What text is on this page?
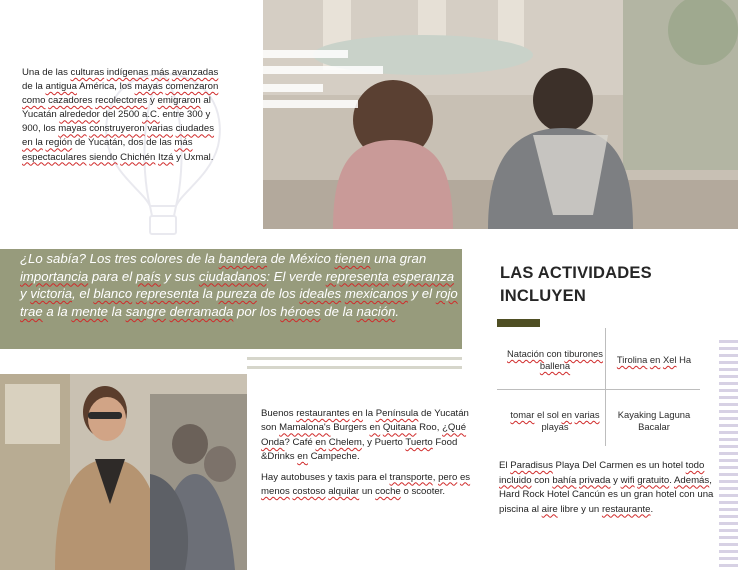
Una de las culturas indígenas más avanzadas de la antigua América, los mayas comenzaron como cazadores recolectores y emigraron al Yucatán alrededor del 2500 a.C. entre 300 y 900, los mayas construyeron varias ciudades en la región de Yucatán, dos de las más espectaculares siendo Chichén Itzá y Uxmal.
¿Lo sabía? Los tres colores de la bandera de México tienen una gran importancia para el país y sus ciudadanos: El verde representa esperanza y victoria, el blanco representa la pureza de los ideales mexicanos y el rojo trae a la mente la sangre derramada por los héroes de la nación.
LAS ACTIVIDADES INCLUYEN
Natación con tiburones ballena
Tirolina en Xel Ha
tomar el sol en varias playas
Kayaking Laguna Bacalar

Buenos restaurantes en la Península de Yucatán son Mamalona's Burgers en Quitana Roo, ¿Qué Onda? Café en Chelem, y Puerto Tuerto Food &Drinks en Campeche.

Hay autobuses y taxis para el transporte, pero es menos costoso alquilar un coche o scooter.

El Paradisus Playa Del Carmen es un hotel todo incluido con bahía privada y wifi gratuito. Además, Hard Rock Hotel Cancún es un gran hotel con una piscina al aire libre y un restaurante.
